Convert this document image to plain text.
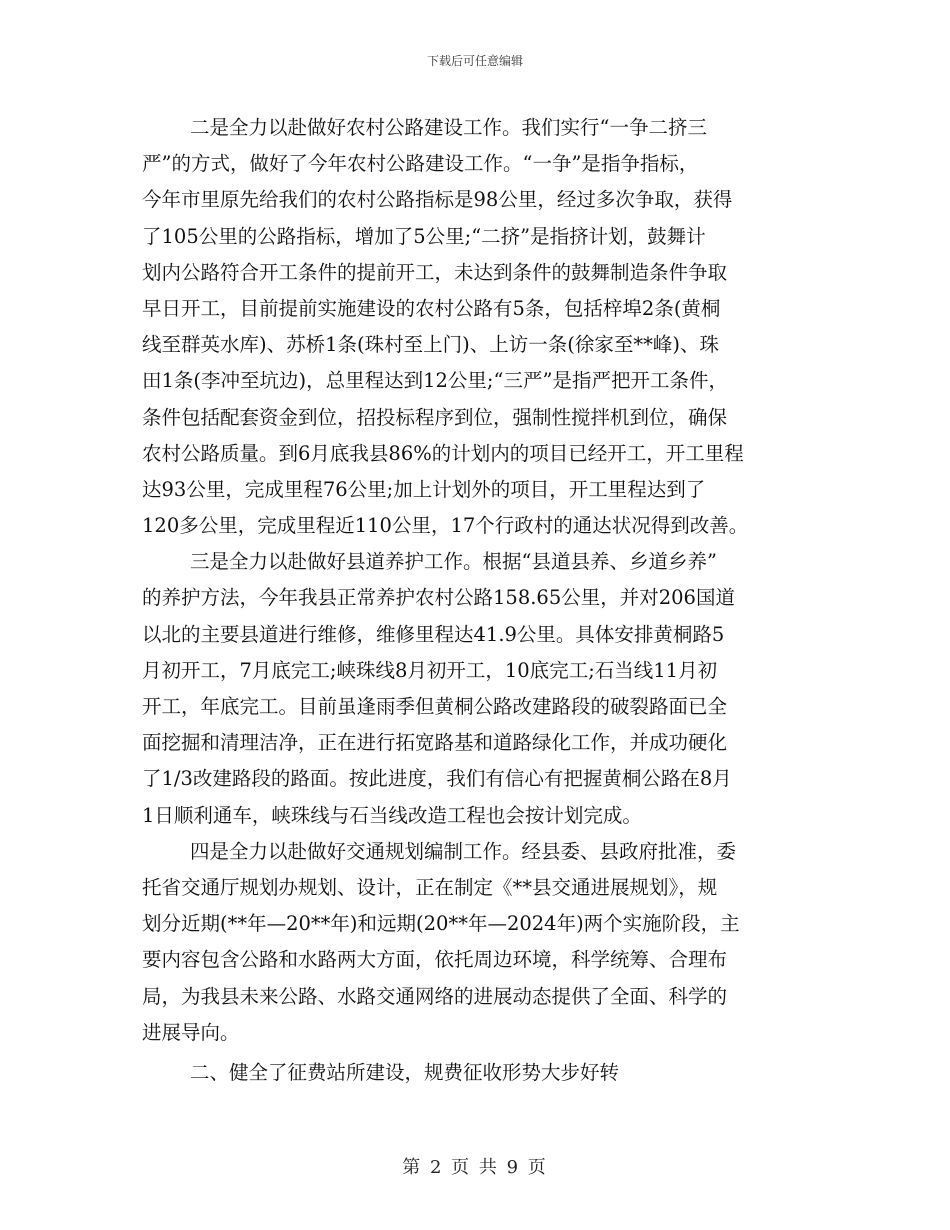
下载后可任意编辑
二是全力以赴做好农村公路建设工作。我们实行“一争二挤三
严”的方式，做好了今年农村公路建设工作。“一争”是指争指标，
今年市里原先给我们的农村公路指标是98公里，经过多次争取，获得
了105公里的公路指标，增加了5公里;“二挤”是指挤计划，鼓舞计
划内公路符合开工条件的提前开工，未达到条件的鼓舞制造条件争取
早日开工，目前提前实施建设的农村公路有5条，包括梓埠2条(黄桐
线至群英水库)、苏桥1条(珠村至上门)、上访一条(徐家至**峰)、珠
田1条(李冲至坑边)，总里程达到12公里;“三严”是指严把开工条件，
条件包括配套资金到位，招投标程序到位，强制性搅拌机到位，确保
农村公路质量。到6月底我县86%的计划内的项目已经开工，开工里程
达93公里，完成里程76公里;加上计划外的项目，开工里程达到了
120多公里，完成里程近110公里，17个行政村的通达状况得到改善。
三是全力以赴做好县道养护工作。根据“县道县养、乡道乡养”
的养护方法，今年我县正常养护农村公路158.65公里，并对206国道
以北的主要县道进行维修，维修里程达41.9公里。具体安排黄桐路5
月初开工，7月底完工;峡珠线8月初开工，10底完工;石当线11月初
开工，年底完工。目前虽逢雨季但黄桐公路改建路段的破裂路面已全
面挖掘和清理洁净，正在进行拓宽路基和道路绿化工作，并成功硬化
了1/3改建路段的路面。按此进度，我们有信心有把握黄桐公路在8月
1日顺利通车，峡珠线与石当线改造工程也会按计划完成。
四是全力以赴做好交通规划编制工作。经县委、县政府批准，委
托省交通厅规划办规划、设计，正在制定《**县交通进展规划》，规
划分近期(**年—20**年)和远期(20**年—2024年)两个实施阶段，主
要内容包含公路和水路两大方面，依托周边环境，科学统筹、合理布
局，为我县未来公路、水路交通网络的进展动态提供了全面、科学的
进展导向。
二、健全了征费站所建设，规费征收形势大步好转
第 2 页 共 9 页
